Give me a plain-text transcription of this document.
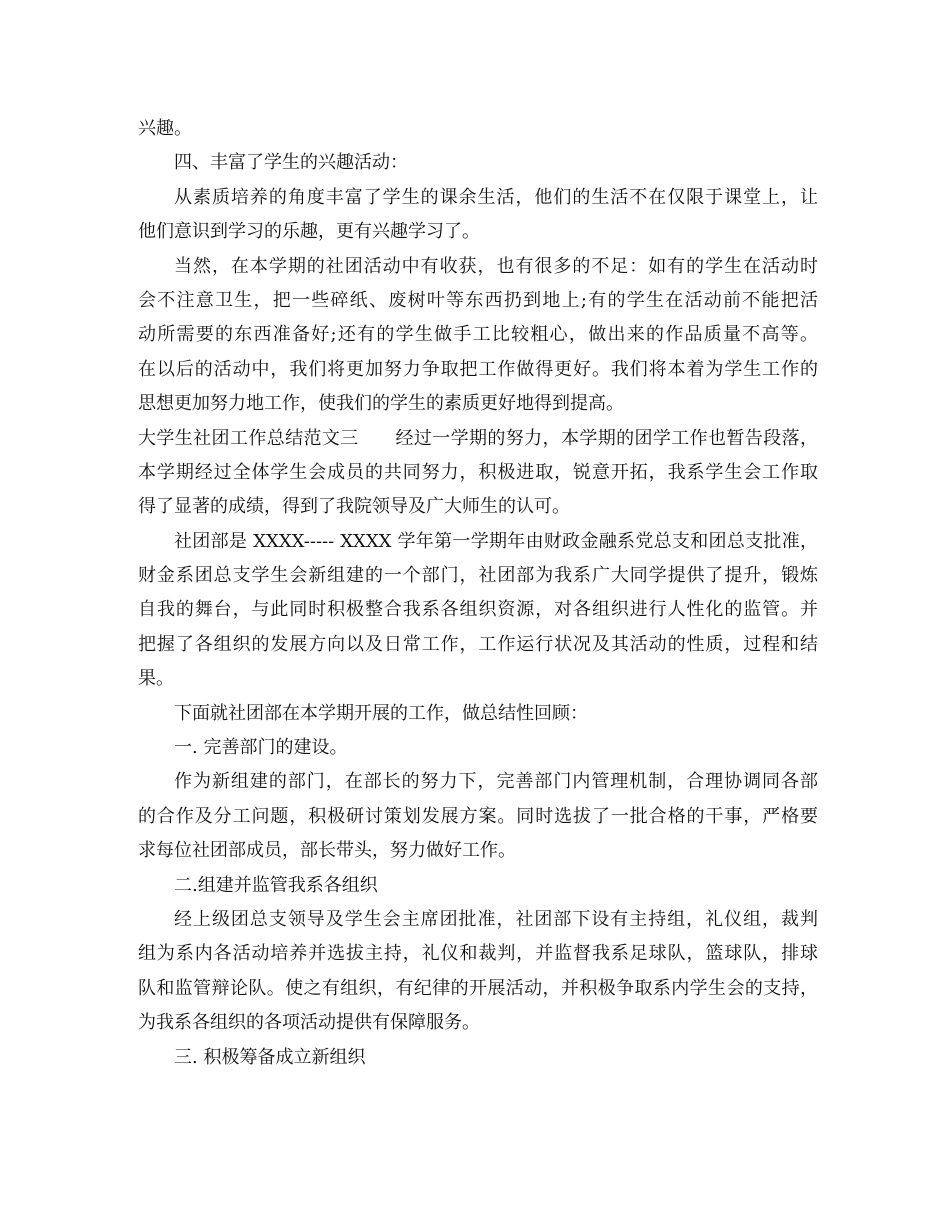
兴趣。
四、丰富了学生的兴趣活动：
从素质培养的角度丰富了学生的课余生活，他们的生活不在仅限于课堂上，让
他们意识到学习的乐趣，更有兴趣学习了。
当然，在本学期的社团活动中有收获，也有很多的不足：如有的学生在活动时
会不注意卫生，把一些碎纸、废树叶等东西扔到地上;有的学生在活动前不能把活
动所需要的东西准备好;还有的学生做手工比较粗心，做出来的作品质量不高等。
在以后的活动中，我们将更加努力争取把工作做得更好。我们将本着为学生工作的
思想更加努力地工作，使我们的学生的素质更好地得到提高。
大学生社团工作总结范文三　　经过一学期的努力，本学期的团学工作也暂告段落，
本学期经过全体学生会成员的共同努力，积极进取，锐意开拓，我系学生会工作取
得了显著的成绩，得到了我院领导及广大师生的认可。
社团部是 XXXX----- XXXX 学年第一学期年由财政金融系党总支和团总支批准，
财金系团总支学生会新组建的一个部门，社团部为我系广大同学提供了提升，锻炼
自我的舞台，与此同时积极整合我系各组织资源，对各组织进行人性化的监管。并
把握了各组织的发展方向以及日常工作，工作运行状况及其活动的性质，过程和结
果。
下面就社团部在本学期开展的工作，做总结性回顾：
一. 完善部门的建设。
作为新组建的部门，在部长的努力下，完善部门内管理机制，合理协调同各部
的合作及分工问题，积极研讨策划发展方案。同时选拔了一批合格的干事，严格要
求每位社团部成员，部长带头，努力做好工作。
二.组建并监管我系各组织
经上级团总支领导及学生会主席团批准，社团部下设有主持组，礼仪组，裁判
组为系内各活动培养并选拔主持，礼仪和裁判，并监督我系足球队，篮球队，排球
队和监管辩论队。使之有组织，有纪律的开展活动，并积极争取系内学生会的支持，
为我系各组织的各项活动提供有保障服务。
三. 积极筹备成立新组织
